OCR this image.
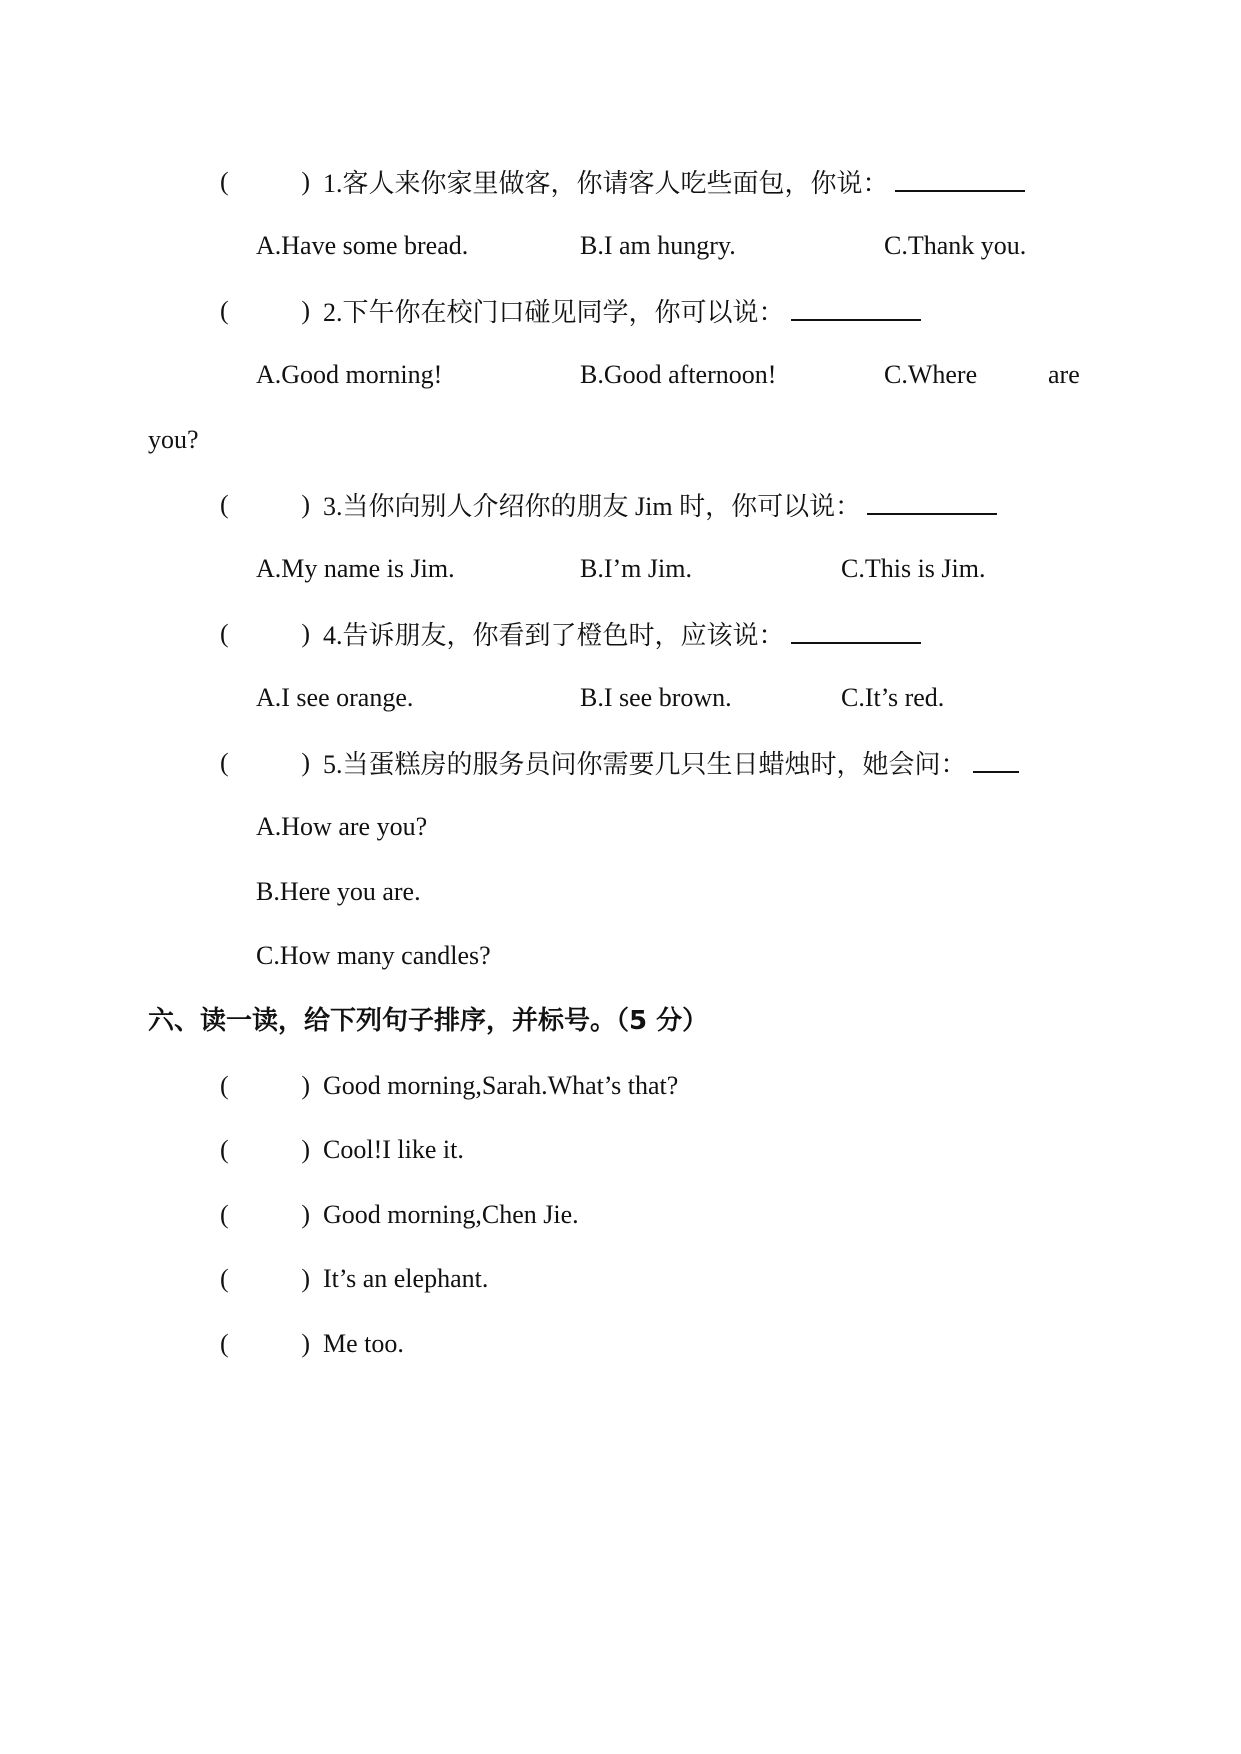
(	) 1.客人来你家里做客，你请客人吃些面包，你说：
A.Have some bread.	B.I am hungry.	C.Thank you.
(	) 2.下午你在校门口碰见同学，你可以说：
A.Good morning!	B.Good afternoon!	C.Where	are
you?
(	) 3.当你向别人介绍你的朋友 Jim 时，你可以说：
A.My name is Jim.	B.I’m Jim.	C.This is Jim.
(	) 4.告诉朋友，你看到了橙色时，应该说：
A.I see orange.	B.I see brown.	C.It’s red.
(	) 5.当蛋糕房的服务员问你需要几只生日蜡烛时，她会问：
A.How are you?
B.Here you are.
C.How many candles?
六、读一读，给下列句子排序，并标号。（5 分）
(	) Good morning,Sarah.What’s that?
(	) Cool!I like it.
(	) Good morning,Chen Jie.
(	) It’s an elephant.
(	) Me too.
